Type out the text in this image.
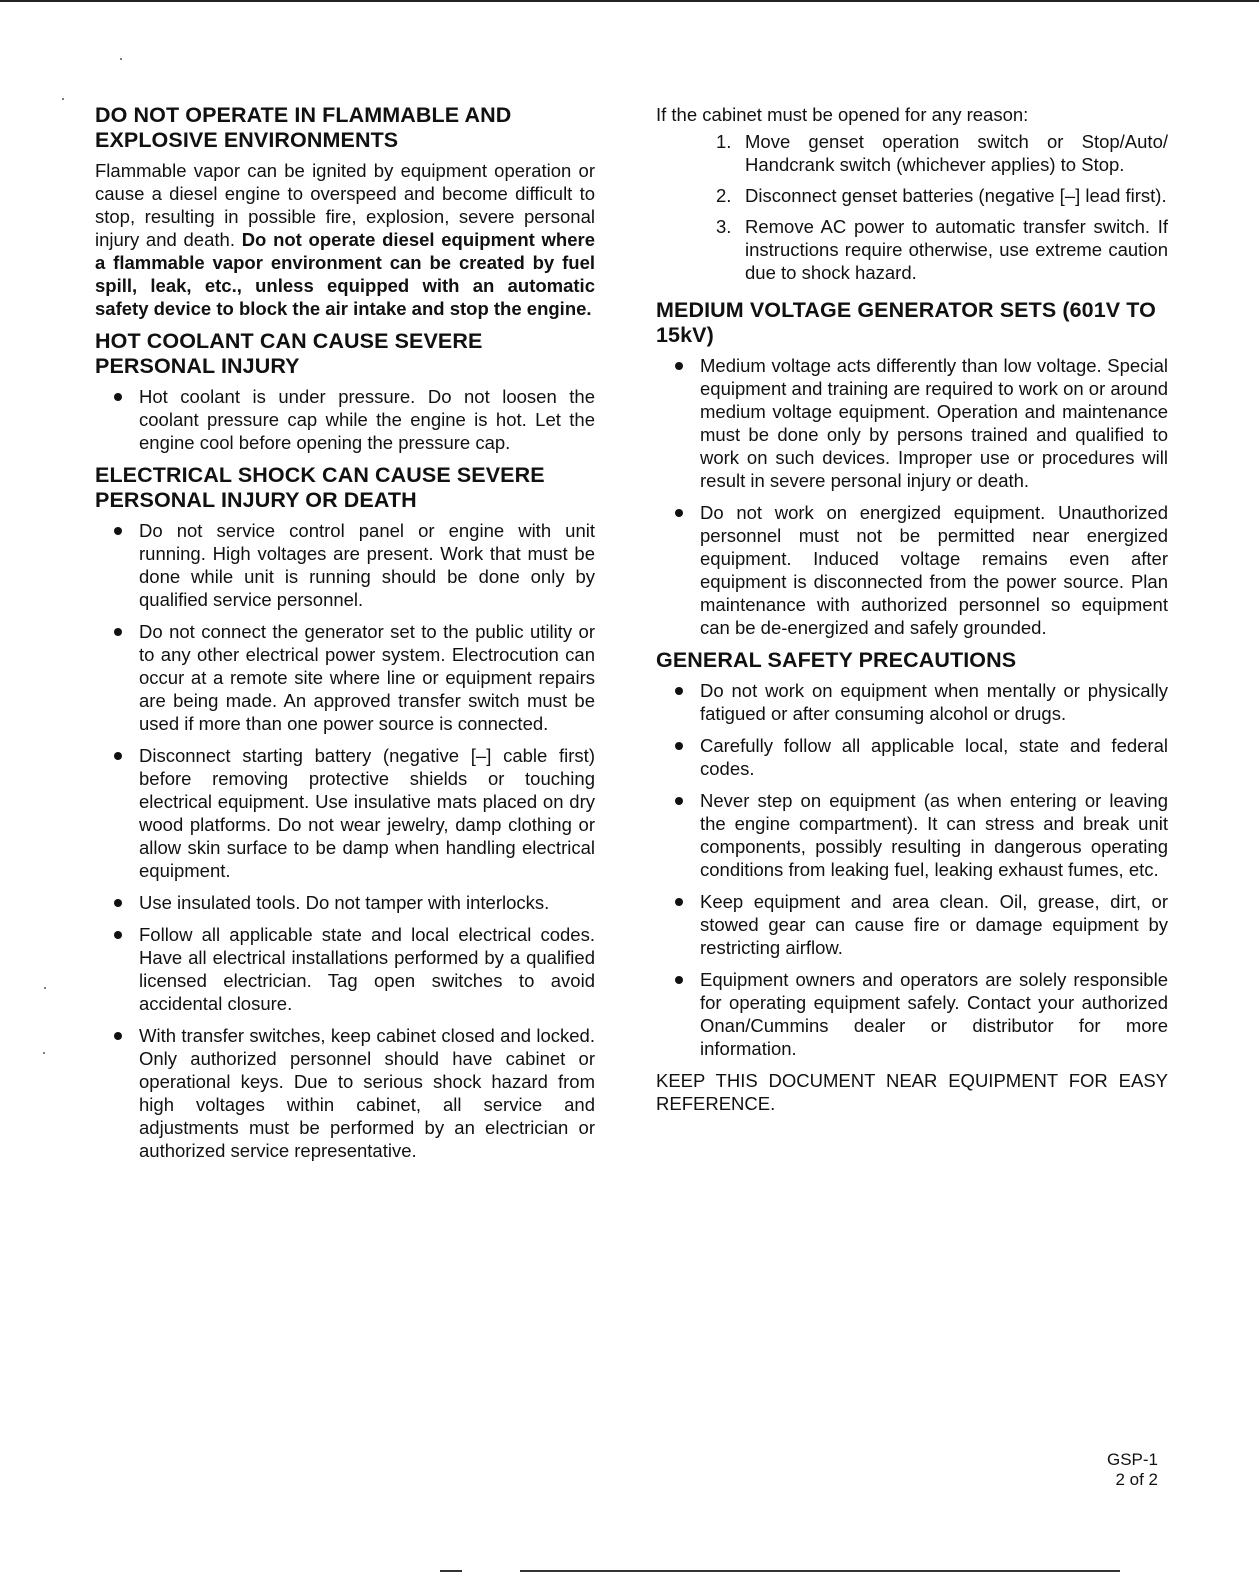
DO NOT OPERATE IN FLAMMABLE AND EXPLOSIVE ENVIRONMENTS

Flammable vapor can be ignited by equipment operation or cause a diesel engine to overspeed and become difficult to stop, resulting in possible fire, explosion, severe personal injury and death. Do not operate diesel equipment where a flammable vapor environment can be created by fuel spill, leak, etc., unless equipped with an automatic safety device to block the air intake and stop the engine.

HOT COOLANT CAN CAUSE SEVERE PERSONAL INJURY
Hot coolant is under pressure. Do not loosen the coolant pressure cap while the engine is hot. Let the engine cool before opening the pressure cap.
ELECTRICAL SHOCK CAN CAUSE SEVERE PERSONAL INJURY OR DEATH
Do not service control panel or engine with unit running. High voltages are present. Work that must be done while unit is running should be done only by qualified service personnel.
Do not connect the generator set to the public utility or to any other electrical power system. Electrocution can occur at a remote site where line or equipment repairs are being made. An approved transfer switch must be used if more than one power source is connected.
Disconnect starting battery (negative [–] cable first) before removing protective shields or touching electrical equipment. Use insulative mats placed on dry wood platforms. Do not wear jewelry, damp clothing or allow skin surface to be damp when handling electrical equipment.
Use insulated tools. Do not tamper with interlocks.
Follow all applicable state and local electrical codes. Have all electrical installations performed by a qualified licensed electrician. Tag open switches to avoid accidental closure.
With transfer switches, keep cabinet closed and locked. Only authorized personnel should have cabinet or operational keys. Due to serious shock hazard from high voltages within cabinet, all service and adjustments must be performed by an electrician or authorized service representative.

If the cabinet must be opened for any reason:

1. Move genset operation switch or Stop/Auto/ Handcrank switch (whichever applies) to Stop.
2. Disconnect genset batteries (negative [–] lead first).
3. Remove AC power to automatic transfer switch. If instructions require otherwise, use extreme caution due to shock hazard.
MEDIUM VOLTAGE GENERATOR SETS (601V TO 15kV)
Medium voltage acts differently than low voltage. Special equipment and training are required to work on or around medium voltage equipment. Operation and maintenance must be done only by persons trained and qualified to work on such devices. Improper use or procedures will result in severe personal injury or death.
Do not work on energized equipment. Unauthorized personnel must not be permitted near energized equipment. Induced voltage remains even after equipment is disconnected from the power source. Plan maintenance with authorized personnel so equipment can be de-energized and safely grounded.
GENERAL SAFETY PRECAUTIONS
Do not work on equipment when mentally or physically fatigued or after consuming alcohol or drugs.
Carefully follow all applicable local, state and federal codes.
Never step on equipment (as when entering or leaving the engine compartment). It can stress and break unit components, possibly resulting in dangerous operating conditions from leaking fuel, leaking exhaust fumes, etc.
Keep equipment and area clean. Oil, grease, dirt, or stowed gear can cause fire or damage equipment by restricting airflow.
Equipment owners and operators are solely responsible for operating equipment safely. Contact your authorized Onan/Cummins dealer or distributor for more information.

KEEP THIS DOCUMENT NEAR EQUIPMENT FOR EASY REFERENCE.

GSP-1
2 of 2
